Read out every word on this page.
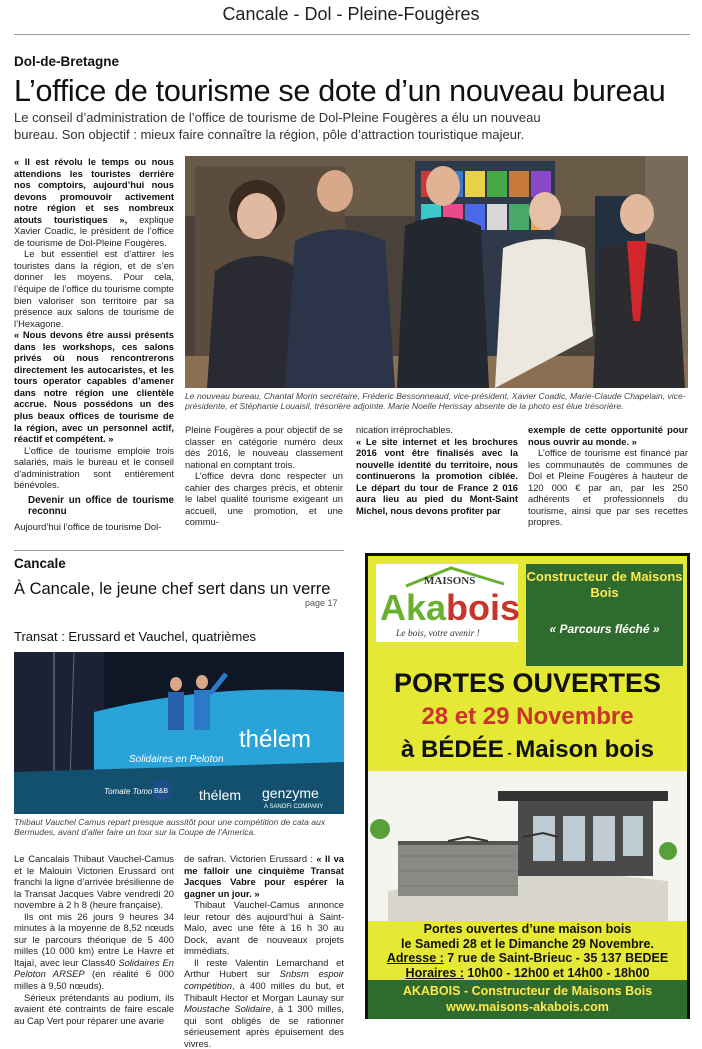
Cancale - Dol - Pleine-Fougères
Dol-de-Bretagne
L’office de tourisme se dote d’un nouveau bureau
Le conseil d’administration de l’office de tourisme de Dol-Pleine Fougères a élu un nouveau bureau. Son objectif : mieux faire connaître la région, pôle d’attraction touristique majeur.

« Il est révolu le temps ou nous attendions les touristes derrière nos comptoirs, aujourd’hui nous devons promouvoir activement notre région et ses nombreux atouts touristiques », explique Xavier Coadic, le président de l’office de tourisme de Dol-Pleine Fougères.

Le but essentiel est d’attirer les touristes dans la région, et de s’en donner les moyens. Pour cela, l’équipe de l’office du tourisme compte bien valoriser son territoire par sa présence aux salons de tourisme de l’Hexagone.

« Nous devons être aussi présents dans les workshops, ces salons privés où nous rencontrerons directement les autocaristes, et les tours operator capables d’amener dans notre région une clientèle accrue. Nous possédons un des plus beaux offices de tourisme de la région, avec un personnel actif, réactif et compétent. »

L’office de tourisme emploie trois salariés, mais le bureau et le conseil d’administration sont entièrement bénévoles.

Devenir un office de tourisme reconnu

Aujourd’hui l’office de tourisme Dol-

Le nouveau bureau, Chantal Morin secrétaire, Fréderic Bessonneaud, vice-président, Xavier Coadic, Marie-Claude Chapelain, vice-présidente, et Stéphanie Louaisil, trésorière adjointe. Marie Noelle Herissay absente de la photo est élue trésorière.

Pleine Fougères a pour objectif de se classer en catégorie numéro deux dès 2016, le nouveau classement national en comptant trois.

L’office devra donc respecter un cahier des charges précis, et obtenir le label qualité tourisme exigeant un accueil, une promotion, et une commu-

nication irréprochables.

« Le site internet et les brochures 2016 vont être finalisés avec la nouvelle identité du territoire, nous continuerons la promotion ciblée. Le départ du tour de France 2 016 aura lieu au pied du Mont-Saint Michel, nous devons profiter par

exemple de cette opportunité pour nous ouvrir au monde. »

L’office de tourisme est financé par les communautés de communes de Dol et Pleine Fougères à hauteur de 120 000 € par an, par les 250 adhérents et professionnels du tourisme, ainsi que par ses recettes propres.

Cancale
À Cancale, le jeune chef sert dans un verre
page 17
Transat : Erussard et Vauchel, quatrièmes
thélem
Solidaires en Peloton
thélem genzyme
A SANOFI COMPANY
Tomate Tomo B&B
Thibaut Vauchel Camus repart presque aussitôt pour une compétition de cata aux Bermudes, avant d’aller faire un tour sur la Coupe de l’America.

Le Cancalais Thibaut Vauchel-Camus et le Malouin Victorien Erussard ont franchi la ligne d’arrivée brésilienne de la Transat Jacques Vabre vendredi 20 novembre à 2 h 8 (heure française).

Ils ont mis 26 jours 9 heures 34 minutes à la moyenne de 8,52 nœuds sur le parcours théorique de 5 400 milles (10 000 km) entre Le Havre et Itajaï, avec leur Class40 Solidaires En Peloton ARSEP (en réalité 6 000 milles à 9,50 nœuds).

Sérieux prétendants au podium, ils avaient été contraints de faire escale au Cap Vert pour réparer une avarie

de safran. Victorien Erussard : « Il va me falloir une cinquième Transat Jacques Vabre pour espérer la gagner un jour. »

Thibaut Vauchel-Camus annonce leur retour dès aujourd’hui à Saint-Malo, avec une fête à 16 h 30 au Dock, avant de nouveaux projets immédiats.

Il reste Valentin Lemarchand et Arthur Hubert sur Snbsm espoir compétition, à 400 milles du but, et Thibault Hector et Morgan Launay sur Moustache Solidaire, à 1 300 milles, qui sont obligés de se rationner sérieusement après épuisement des vivres.

MAISONS
Aka bois
Le bois, votre avenir !
Constructeur de Maisons Bois
« Parcours fléché »
PORTES OUVERTES
28 et 29 Novembre
à BÉDÉE - Maison bois
Portes ouvertes d’une maison bois
le Samedi 28 et le Dimanche 29 Novembre.
Adresse : 7 rue de Saint-Brieuc - 35 137 BEDEE
Horaires : 10h00 - 12h00 et 14h00 - 18h00
AKABOIS - Constructeur de Maisons Bois
www.maisons-akabois.com
